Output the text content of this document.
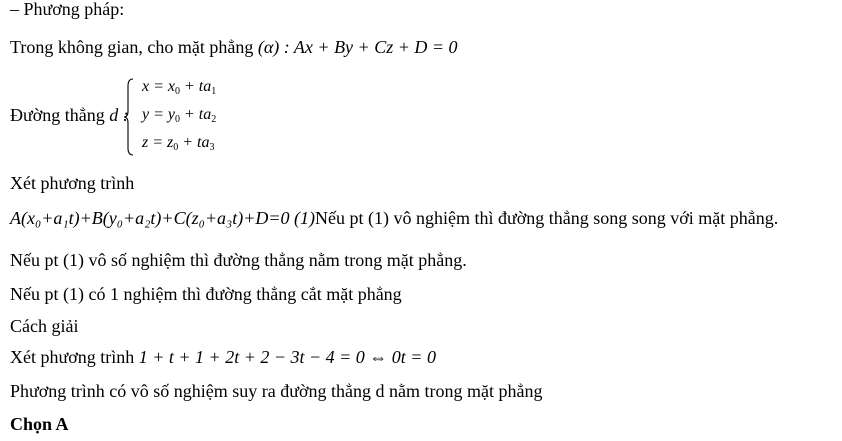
– Phương pháp:
Trong không gian, cho mặt phẳng (α) : Ax + By + Cz + D = 0
Đường thẳng d :
$x = x_0 + ta_1$
$y = y_0 + ta_2$
$z = z_0 + ta_3$
Xét phương trình
A(x₀+a₁t)+B(y₀+a₂t)+C(z₀+a₃t)+D=0 (1)Nếu pt (1) vô nghiệm thì đường thẳng song song với mặt phẳng.
Nếu pt (1) vô số nghiệm thì đường thẳng nằm trong mặt phẳng.
Nếu pt (1) có 1 nghiệm thì đường thẳng cắt mặt phẳng
Cách giải
Xét phương trình 1 + t + 1 + 2t + 2 − 3t − 4 = 0 ⇔ 0t = 0
Phương trình có vô số nghiệm suy ra đường thẳng d nằm trong mặt phẳng
Chọn A
